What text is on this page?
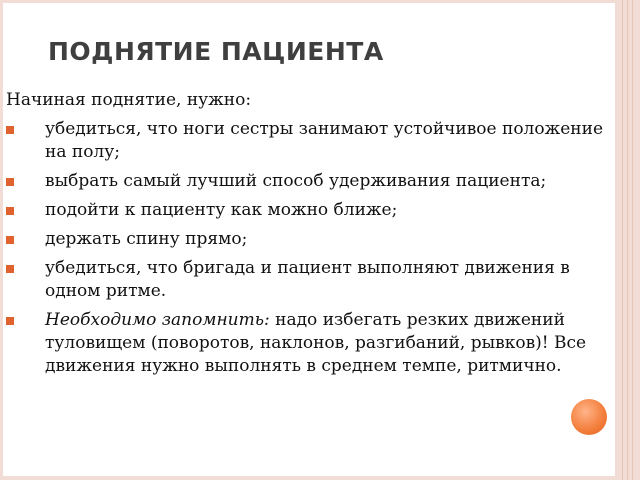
ПОДНЯТИЕ ПАЦИЕНТА

Начиная поднятие, нужно:

убедиться, что ноги сестры занимают устойчивое положение на полу;
выбрать самый лучший способ удерживания пациента;
подойти к пациенту как можно ближе;
держать спину прямо;
убедиться, что бригада и пациент выполняют движения в одном ритме.
Необходимо запомнить: надо избегать резких движений туловищем (поворотов, наклонов, разгибаний, рывков)! Все движения нужно выполнять в среднем темпе, ритмично.
